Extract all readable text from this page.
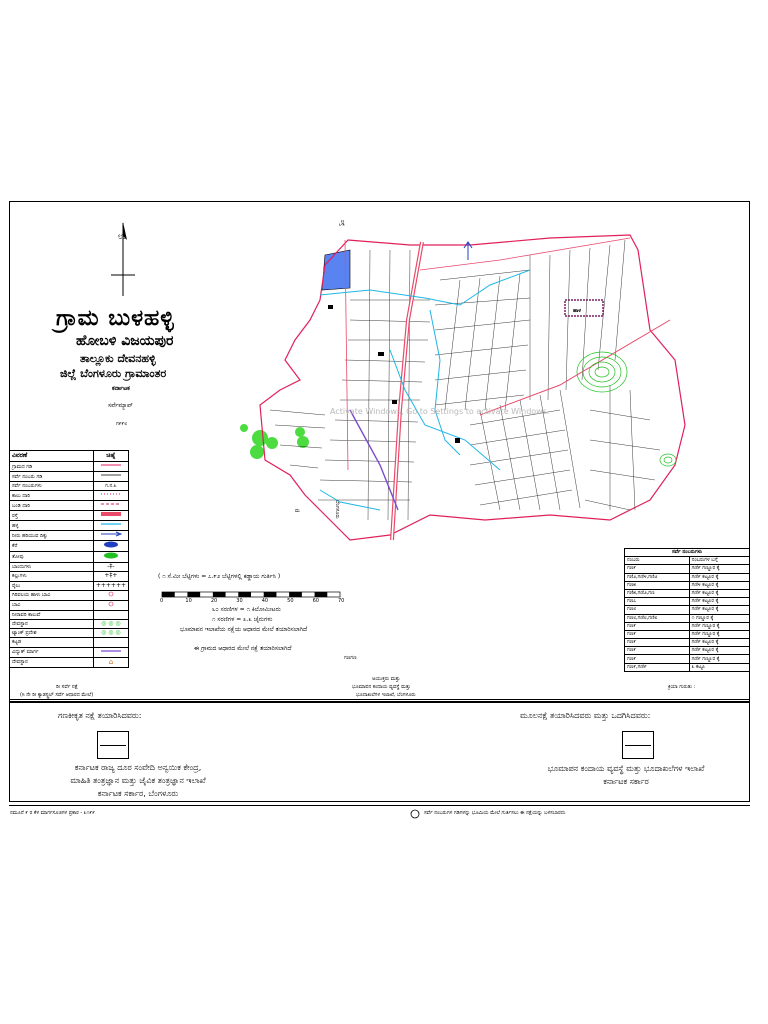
ಉ
ಗ್ರಾಮ ಬುಳಹಳ್ಳಿ
ಹೋಬಳಿ ವಿಜಯಪುರ
ತಾಲ್ಲೂಕು ದೇವನಹಳ್ಳಿ
ಜಿಲ್ಲೆ ಬೆಂಗಳೂರು ಗ್ರಾಮಾಂತರ
ಕರ್ನಾಟಕ
ಸರ್ವೆಮ್ಯಾಪ್
ಗ೯೯೮
ವಿವರಣೆ	ಚಿಹ್ನೆ
ಗ್ರಾಮದ ಗಡಿ	
ಸರ್ವೆ ನಂಬರು ಗಡಿ	
ಸರ್ವೆ ನಂಬರುಗಳು	ಗ.ನ.೩
ಕಾಲು ದಾರಿ	
ಬಂಡಿ ದಾರಿ	
ರಸ್ತೆ	
ಹಳ್ಳ	
ನೀರು ಹರಿಯುವ ದಿಕ್ಕು	
ಕೆರೆ	
ತೋಪು	
ಬಾಂದುಗಳು	-‡-
ಕಲ್ಲುಗಳು	+‡+
ರೈಲು	++++++
ಗಿರಿವಲಯ ಹಾಳು ಬಾವಿ	
ಬಾವಿ	
ನೀರಾವರಿ ಕಾಲುವೆ	
ದೇವಸ್ಥಾನ	◎ ◎ ◎
ಟ್ಯಾಂಕ್ ಪ್ರದೇಶ	◎ ◎ ◎
ಕಟ್ಟಡ	
ವಿದ್ಯುತ್ ಮಾರ್ಗ	
ದೇವಸ್ಥಾನ	⌂
ಹಾಳ
ಮ	ಬೆಂಗಳೂರು
ರಸ್ತೆ
Activate Windows, Go to Settings to activate Windows.
( ೧ ಸೆ.ಮೀ ಬೆಟ್ಟಿಗಳು = ೭.೯೨ ಬೆಟ್ಟಿಗಳಲ್ಲಿ ಕಡ್ಡಾಯ ಗುರ್ತಿಸಿ )
0	10	20	30	40	50	60	70
೬೦ ಸರಣಿಗಳ = ೧ ಕಿಲೋಮೀಟರು
೧ ಸರಣಿಗಳ = ೩.೩ ಚೈನುಗಳು
ಭೂಮಾಪನ ಇಲಾಖೆಯ ನಕ್ಷೆಯ ಆಧಾರದ ಮೇಲೆ ತಯಾರಿಸಲಾಗಿದೆ
ಈ ಗ್ರಾಮದ ಆಧಾರದ ಮೇಲೆ ನಕ್ಷೆ ತಯಾರಿಸಲಾಗಿದೆ
ಗಣಗಣ
ಸರ್ವೆ ನಂಬರುಗಳು	
ನಂಬರು	ನಂಬರುಗಳ ಬಗ್ಗೆ
ಗಣ೯	ಗಣಿ೯ ಗಣ್ಣೂರ ಕ್ಕೆ
ಗಣಿ೨,ಗಣಿ೪,ಗಣಿ೨	ಗಣಿ೯ ಕಟ್ಟೂರ ಕ್ಕೆ
ಗಣ೫	ಗಣಿ೪ ಕಟ್ಟೂರ ಕ್ಕೆ
ಗಣಿ೫,ಗಣಿ೨,ಗಣ	ಗಣಿ೯ ಕಟ್ಟೂರ ಕ್ಕೆ
ಗಣ೭	ಗಣಿ೯ ಕಟ್ಟೂರ ಕ್ಕೆ
ಗಣ೮	ಗಣಿ೯ ಕಟ್ಟೂರ ಕ್ಕೆ
ಗಣ೮,ಗಣಿ೮,ಗಣಿ೮	೧ ಗಣ್ಣೂರ ಕ್ಕೆ
ಗಣ೯	ಗಣಿ೯ ಗಣ್ಣೂರ ಕ್ಕೆ
ಗಣ೯	ಗಣಿ೯ ಗಣ್ಣೂರ ಕ್ಕೆ
ಗಣ೯	ಗಣಿ೯ ಕಟ್ಟೂರ ಕ್ಕೆ
ಗಣ೯	ಗಣಿ೯ ಕಟ್ಟೂರ ಕ್ಕೆ
ಗಣ೯	ಗಣಿ೯ ಗಣ್ಣೂರ ಕ್ಕೆ
ಗಣ೯,ಗಣಿ೯	೩ ಕಟ್ಟೂ
ಕ್ರಿಯಾ ಗುರುತು :
ರೀ ಸರ್ವೆ ನಕ್ಷೆ
(ಸಿ ನೇ ರೀ ಕ್ಯಾಡಸ್ಟ್ರಲ್ ಸರ್ವೆ ಆಧಾರದ ಮೇಲೆ)
ಅಯುಕ್ತರು ಮತ್ತು
ಭೂಮಾಪನ ಕಂದಾಯ ವ್ಯವಸ್ಥೆ ಮತ್ತು
ಭೂದಾಖಲೆಗಳ ಇಲಾಖೆ, ಬೆಂಗಳೂರು
ಗಣಕೀಕೃತ ನಕ್ಷೆ ತಯಾರಿಸಿದವರು:
ಕರ್ನಾಟಕ ರಾಜ್ಯ ದೂರ ಸಂವೇದಿ ಅನ್ವಯಿಕ ಕೇಂದ್ರ,
ಮಾಹಿತಿ ತಂತ್ರಜ್ಞಾನ ಮತ್ತು ಜೈವಿಕ ತಂತ್ರಜ್ಞಾನ ಇಲಾಖೆ
ಕರ್ನಾಟಕ ಸರ್ಕಾರ, ಬೆಂಗಳೂರು
ಮೂಲನಕ್ಷೆ ತಯಾರಿಸಿದವರು ಮತ್ತು ಒದಗಿಸಿದವರು:
ಭೂಮಾಪನ ಕಂದಾಯ ವ್ಯವಸ್ಥೆ ಮತ್ತು ಭೂದಾಖಲೆಗಳ ಇಲಾಖೆ
ಕರ್ನಾಟಕ ಸರ್ಕಾರ
ನಮೂನೆ ೯ ರ ಕೆಳ ಮಾರ್ಗಸೂಚಿಗಳ ಪ್ರಕಾರ - ೩೧೯೯	ಸರ್ವೆ ನಂಬರುಗಳ ಗಡಿಗಳನ್ನು ಭೂಮಿಯ ಮೇಲೆ ಗುರ್ತಿಸಲು ಈ ನಕ್ಷೆಯನ್ನು ಬಳಸಬಾರದು
